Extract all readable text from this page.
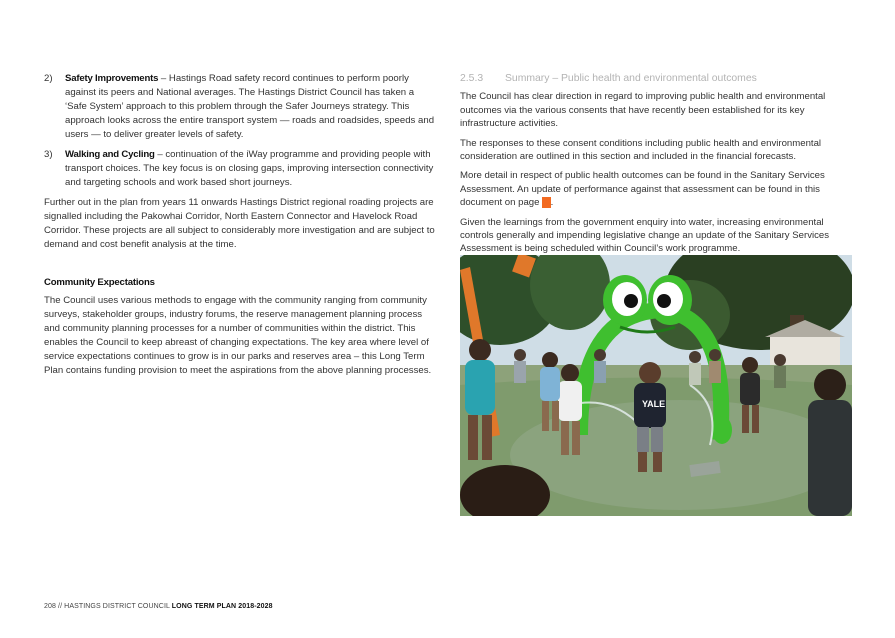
2)	Safety Improvements – Hastings Road safety record continues to perform poorly against its peers and National averages. The Hastings District Council has taken a ‘Safe System’ approach to this problem through the Safer Journeys strategy. This approach looks across the entire transport system — roads and roadsides, speeds and users — to deliver greater levels of safety.
3)	Walking and Cycling – continuation of the iWay programme and providing people with transport choices. The key focus is on closing gaps, improving intersection connectivity and targeting schools and work based short journeys.

Further out in the plan from years 11 onwards Hastings District regional roading projects are signalled including the Pakowhai Corridor, North Eastern Connector and Havelock Road Corridor. These projects are all subject to considerably more investigation and are subject to demand and cost benefit analysis at the time.

Community Expectations

The Council uses various methods to engage with the community ranging from community surveys, stakeholder groups, industry forums, the reserve management planning process and community planning processes for a number of communities within the district. This enables the Council to keep abreast of changing expectations. The key area where level of service expectations continues to grow is in our parks and reserves area – this Long Term Plan contains funding provision to meet the aspirations from the above planning processes.

2.5.3	Summary – Public health and environmental outcomes

The Council has clear direction in regard to improving public health and environmental outcomes via the various consents that have recently been established for its key infrastructure activities.

The responses to these consent conditions including public health and environmental consideration are outlined in this section and included in the financial forecasts.

More detail in respect of public health outcomes can be found in the Sanitary Services Assessment. An update of performance against that assessment can be found in this document on page X.

Given the learnings from the government enquiry into water, increasing environmental controls generally and impending legislative change an update of the Sanitary Services Assessment is being scheduled within Council’s work programme.

YALE
208 // HASTINGS DISTRICT COUNCIL LONG TERM PLAN 2018-2028
